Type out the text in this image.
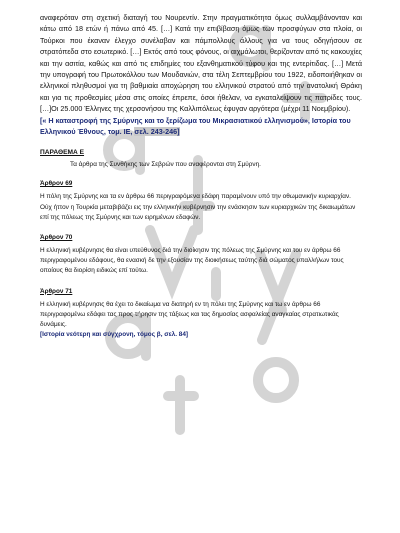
αναφερόταν στη σχετική διαταγή του Νουρεντίν. Στην πραγματικότητα όμως συλλαμβάνονταν και κάτω από 18 ετών ή πάνω από 45. […] Κατά την επιβίβαση όμως των προσφύγων στα πλοία, οι Τούρκοι που έκαναν έλεγχο συνέλαβαν και πάμπολλους άλλους για να τους οδηγήσουν σε στρατόπεδα στο εσωτερικό. […] Εκτός από τους φόνους, οι αιχμάλωτοι, θερίζονταν από τις κακουχίες και την ασιτία, καθώς και από τις επιδημίες του εξανθηματικού τύφου και της εντερίτιδας. […] Μετά την υπογραφή του Πρωτοκόλλου των Μουδανιών, στα τέλη Σεπτεμβρίου του 1922, ειδοποιήθηκαν οι ελληνικοί πληθυσμοί για τη βαθμιαία αποχώρηση του ελληνικού στρατού από την ανατολική Θράκη και για τις προθεσμίες μέσα στις οποίες έπρεπε, όσοι ήθελαν, να εγκαταλείψουν τις πατρίδες τους.[…]Οι 25.000 Έλληνες της χερσονήσου της Καλλιπόλεως έφυγαν αργότερα (μέχρι 11 Νοεμβρίου).

[« Η καταστροφή της Σμύρνης και το ξερίζωμα του Μικρασιατικού ελληνισμού», Ιστορία του Ελληνικού Έθνους, τομ. ΙΕ, σελ. 243-246]

ΠΑΡΑΘΕΜΑ Ε

Τα άρθρα της Συνθήκης των Σεβρών που αναφέρονται στη Σμύρνη.

Άρθρον 69

Η πόλη της Σμύρνης και τα εν άρθρω 66 περιγραφόμενα εδάφη παραμένουν υπό την οθωμανικήν κυριαρχίαν. Ούχ ήττον η Τουρκία μεταβιβάζει εις την ελληνικήν κυβέρνησιν την ενάσκησιν των κυριαρχικών της δικαιωμάτων επί της πόλεως της Σμύρνης και των ειρημένων εδαφών.

Άρθρον 70

Η ελληνική κυβέρνησις θα είναι υπεύθυνος διά την διοίκησιν της πόλεως της Σμύρνης και του εν άρθρω 66 περιγραφομένου εδάφους, θα ενασκή δε την εξουσίαν της διοικήσεως ταύτης διά σώματος υπαλλήλων τους οποίους θα διορίση ειδικώς επί τούτω.

Άρθρον 71

Η ελληνική κυβέρνησις θα έχει το δικαίωμα να διατηρή εν τη πόλει της Σμύρνης και τω εν άρθρω 66 περιγραφομένω εδάφει τας προς τήρησιν της τάξεως και τας δημοσίας ασφαλείας αναγκαίας στρατιωτικάς δυνάμεις.

[Ιστορία νεότερη και σύγχρονη, τόμος β, σελ. 84]
